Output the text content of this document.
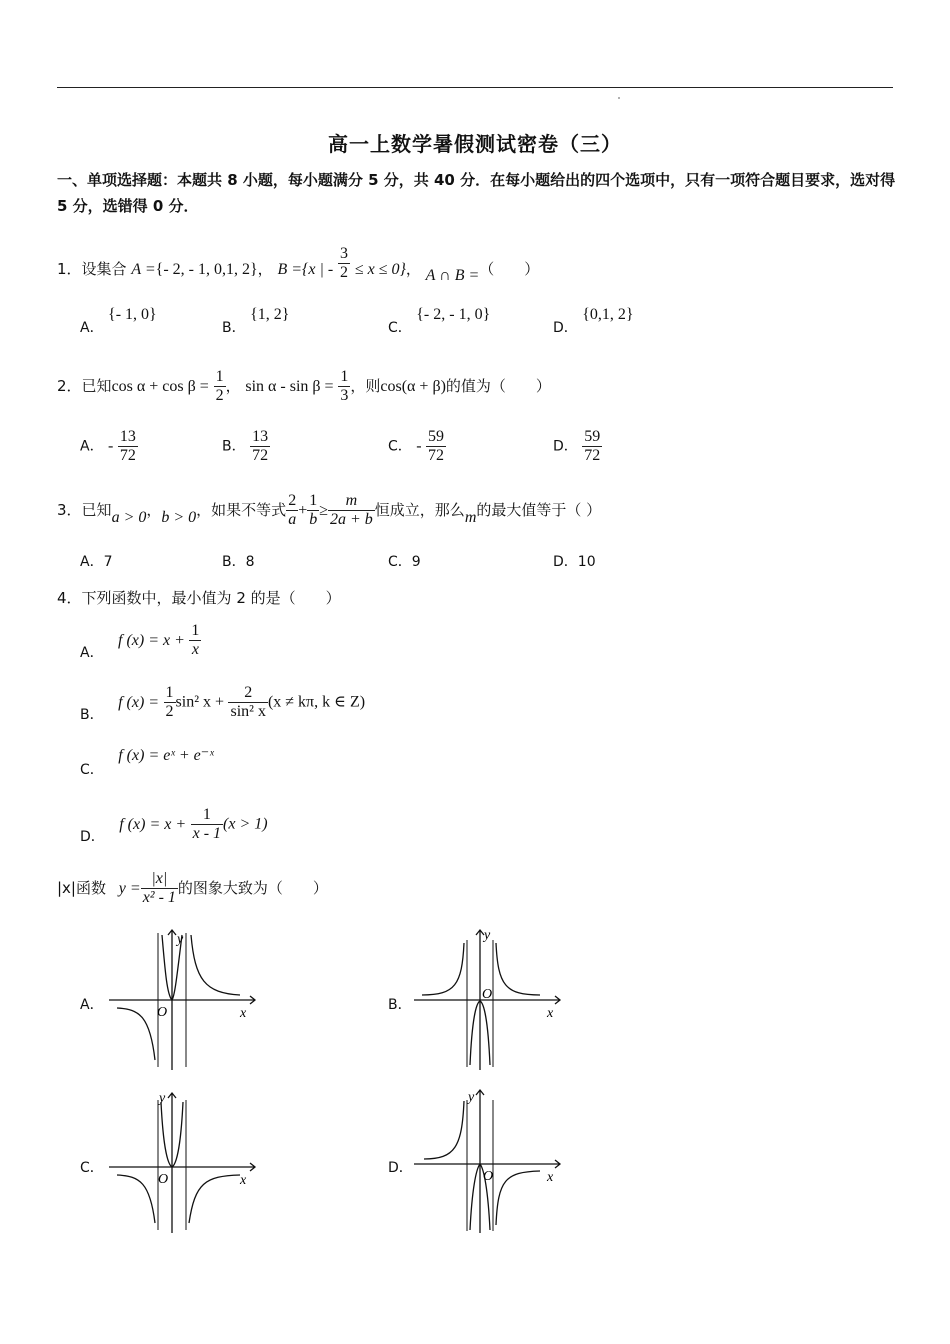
高一上数学暑假测试密卷（三）
一、单项选择题：本题共 8 小题，每小题满分 5 分，共 40 分．在每小题给出的四个选项中，只有一项符合题目要求，选对得 5 分，选错得 0 分．
1．设集合 A ={- 2, - 1, 0,1, 2}， B ={x | - $\frac{3}{2} \le x \le 0$}， A ∩ B =（　　）
A． {- 1, 0}
B． {1, 2}
C． {- 2, - 1, 0}
D． {0,1, 2}
2．已知$\cos \alpha + \cos \beta = \frac{1}{2}$ ， $\sin \alpha - \sin \beta = \frac{1}{3}$ ，则cos(α + β)的值为（　　）
A． - $\frac{13}{72}$	B． $\frac{13}{72}$	C． - $\frac{59}{72}$	D． $\frac{59}{72}$
3．已知a > 0，b > 0，如果不等式 $\frac{2}{a} + \frac{1}{b} \ge \frac{m}{2a + b}$ 恒成立，那么m的最大值等于（ ）
A．7	B．8	C．9	D．10
4．下列函数中，最小值为 2 的是（　　）
A． f $(x) = x + \frac{1}{x}$
B． f $(x) = \frac{1}{2} \sin^2$ $x + \frac{2}{\text{sin² x}} (x \ne k\pi$, k ∈ Z)
C． f (x) = eˣ + e⁻ˣ
D． f $(x) = x + \frac{1}{x - 1} (x > 1)$
|x|函数 $y = \frac{|x|}{\text{x² - 1}}$ 的图象大致为（　　）
A．
y
x
O	B．
y
x
O
C．
y
x
O
D．
y
x
O
